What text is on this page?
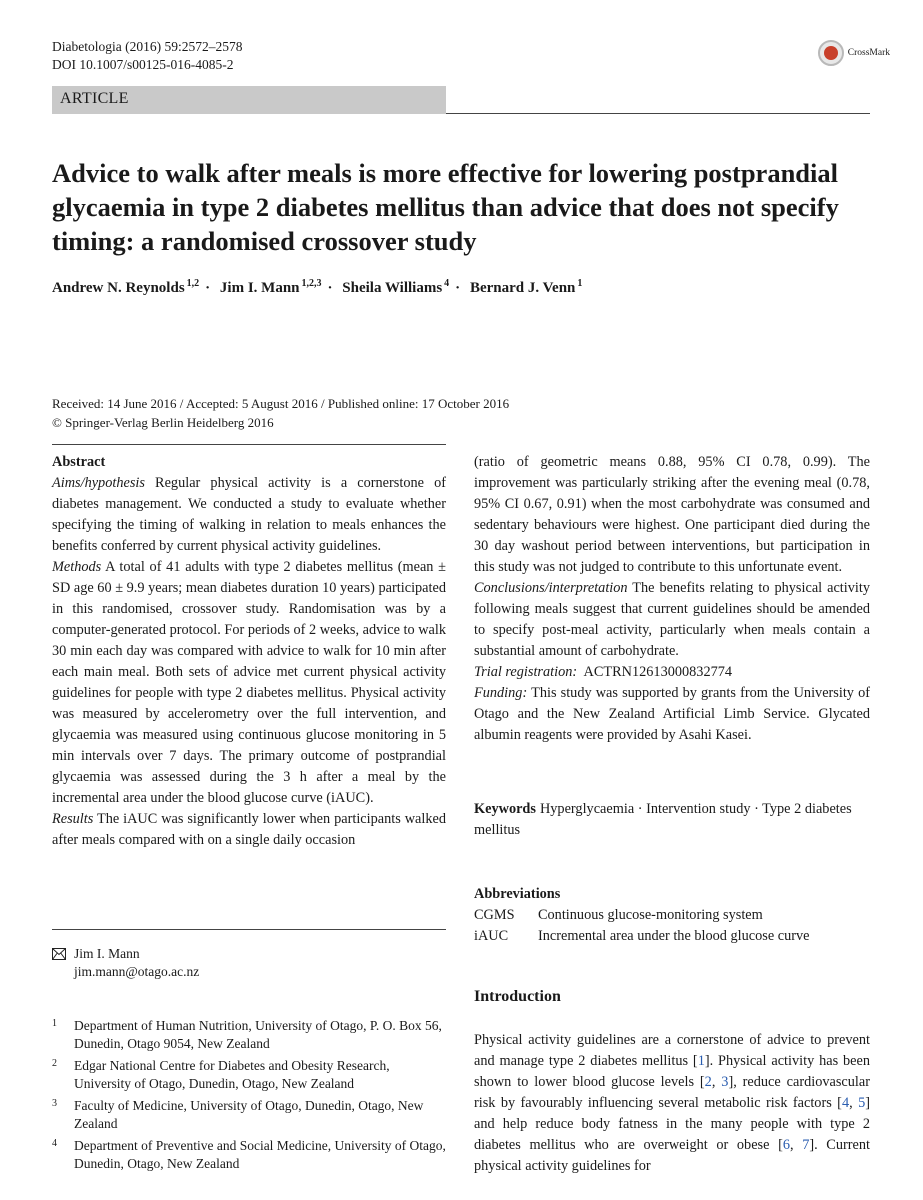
Diabetologia (2016) 59:2572–2578
DOI 10.1007/s00125-016-4085-2
CrossMark
ARTICLE
Advice to walk after meals is more effective for lowering postprandial glycaemia in type 2 diabetes mellitus than advice that does not specify timing: a randomised crossover study
Andrew N. Reynolds $^{1,2}$ · Jim I. Mann $^{1,2,3}$ · Sheila Williams $^4$ · Bernard J. Venn $^1$
Received: 14 June 2016 / Accepted: 5 August 2016 / Published online: 17 October 2016
© Springer-Verlag Berlin Heidelberg 2016

Abstract

Aims/hypothesis Regular physical activity is a cornerstone of diabetes management. We conducted a study to evaluate whether specifying the timing of walking in relation to meals enhances the benefits conferred by current physical activity guidelines.

Methods A total of 41 adults with type 2 diabetes mellitus (mean ± SD age 60 ± 9.9 years; mean diabetes duration 10 years) participated in this randomised, crossover study. Randomisation was by a computer-generated protocol. For periods of 2 weeks, advice to walk 30 min each day was compared with advice to walk for 10 min after each main meal. Both sets of advice met current physical activity guidelines for people with type 2 diabetes mellitus. Physical activity was measured by accelerometry over the full intervention, and glycaemia was measured using continuous glucose monitoring in 5 min intervals over 7 days. The primary outcome of postprandial glycaemia was assessed during the 3 h after a meal by the incremental area under the blood glucose curve (iAUC).

Results The iAUC was significantly lower when participants walked after meals compared with on a single daily occasion

(ratio of geometric means 0.88, 95% CI 0.78, 0.99). The improvement was particularly striking after the evening meal (0.78, 95% CI 0.67, 0.91) when the most carbohydrate was consumed and sedentary behaviours were highest. One participant died during the 30 day washout period between interventions, but participation in this study was not judged to contribute to this unfortunate event.

Conclusions/interpretation The benefits relating to physical activity following meals suggest that current guidelines should be amended to specify post-meal activity, particularly when meals contain a substantial amount of carbohydrate.

Trial registration:  ACTRN12613000832774

Funding: This study was supported by grants from the University of Otago and the New Zealand Artificial Limb Service. Glycated albumin reagents were provided by Asahi Kasei.

Keywords Hyperglycaemia · Intervention study · Type 2 diabetes mellitus
Abbreviations
CGMS	Continuous glucose-monitoring system
iAUC	Incremental area under the blood glucose curve
Introduction
Physical activity guidelines are a cornerstone of advice to prevent and manage type 2 diabetes mellitus [1]. Physical activity has been shown to lower blood glucose levels [2, 3], reduce cardiovascular risk by favourably influencing several metabolic risk factors [4, 5] and help reduce body fatness in the many people with type 2 diabetes mellitus who are overweight or obese [6, 7]. Current physical activity guidelines for
Jim I. Mann
jim.mann@otago.ac.nz
1	Department of Human Nutrition, University of Otago, P. O. Box 56, Dunedin, Otago 9054, New Zealand
2	Edgar National Centre for Diabetes and Obesity Research, University of Otago, Dunedin, Otago, New Zealand
3	Faculty of Medicine, University of Otago, Dunedin, Otago, New Zealand
4	Department of Preventive and Social Medicine, University of Otago, Dunedin, Otago, New Zealand
